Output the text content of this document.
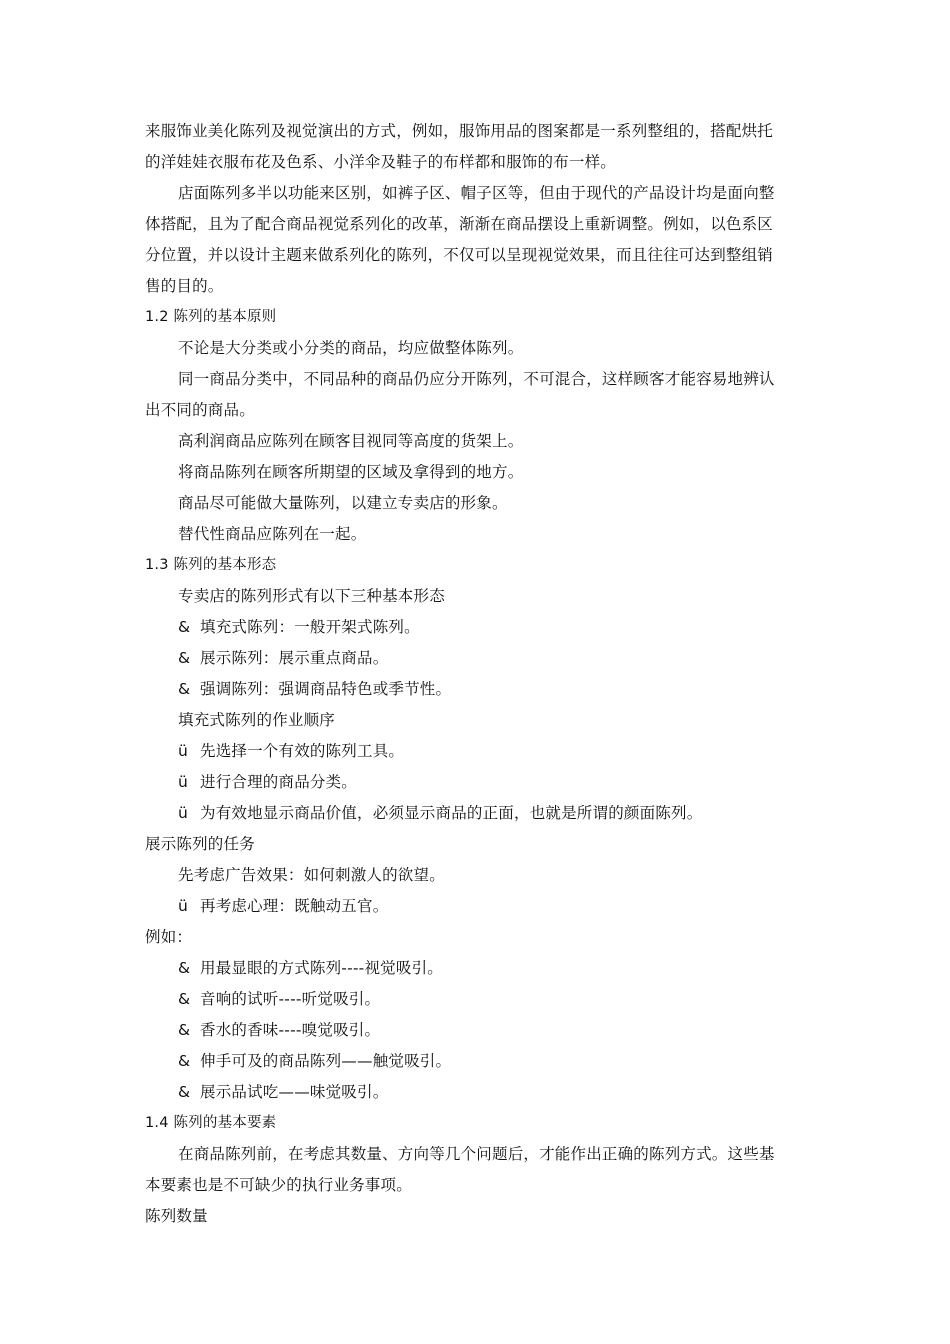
来服饰业美化陈列及视觉演出的方式，例如，服饰用品的图案都是一系列整组的，搭配烘托
的洋娃娃衣服布花及色系、小洋伞及鞋子的布样都和服饰的布一样。
店面陈列多半以功能来区别，如裤子区、帽子区等，但由于现代的产品设计均是面向整
体搭配，且为了配合商品视觉系列化的改革，渐渐在商品摆设上重新调整。例如，以色系区
分位置，并以设计主题来做系列化的陈列，不仅可以呈现视觉效果，而且往往可达到整组销
售的目的。
1.2 陈列的基本原则
不论是大分类或小分类的商品，均应做整体陈列。
同一商品分类中，不同品种的商品仍应分开陈列，不可混合，这样顾客才能容易地辨认
出不同的商品。
高利润商品应陈列在顾客目视同等高度的货架上。
将商品陈列在顾客所期望的区域及拿得到的地方。
商品尽可能做大量陈列，以建立专卖店的形象。
替代性商品应陈列在一起。
1.3 陈列的基本形态
专卖店的陈列形式有以下三种基本形态
& 填充式陈列：一般开架式陈列。
& 展示陈列：展示重点商品。
& 强调陈列：强调商品特色或季节性。
填充式陈列的作业顺序
ü 先选择一个有效的陈列工具。
ü 进行合理的商品分类。
ü 为有效地显示商品价值，必须显示商品的正面，也就是所谓的颜面陈列。
展示陈列的任务
先考虑广告效果：如何刺激人的欲望。
ü 再考虑心理：既触动五官。
例如：
& 用最显眼的方式陈列----视觉吸引。
& 音响的试听----听觉吸引。
& 香水的香味----嗅觉吸引。
& 伸手可及的商品陈列——触觉吸引。
& 展示品试吃——味觉吸引。
1.4 陈列的基本要素
在商品陈列前，在考虑其数量、方向等几个问题后，才能作出正确的陈列方式。这些基
本要素也是不可缺少的执行业务事项。
陈列数量
